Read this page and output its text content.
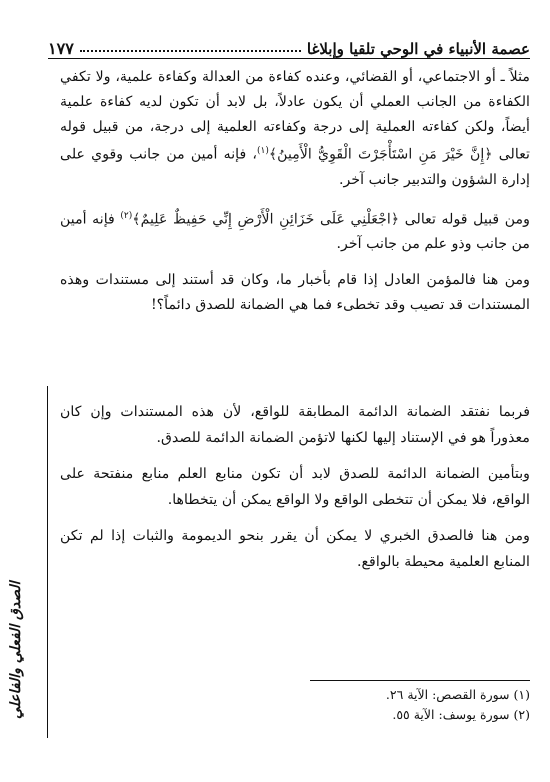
عصمة الأنبياء في الوحي تلقيا وإبلاغا
١٧٧

مثلاً ـ أو الاجتماعي، أو القضائي، وعنده كفاءة من العدالة وكفاءة علمية، ولا تكفي الكفاءة من الجانب العملي أن يكون عادلاً، بل لابد أن تكون لديه كفاءة علمية أيضاً، ولكن كفاءته العملية إلى درجة وكفاءته العلمية إلى درجة، من قبيل قوله تعالى ﴿إِنَّ خَيْرَ مَنِ اسْتَأْجَرْتَ الْقَوِيُّ الْأَمِينُ﴾$^{(١)}$، فإنه أمين من جانب وقوي على إدارة الشؤون والتدبير جانب آخر.

ومن قبيل قوله تعالى ﴿اجْعَلْنِي عَلَى خَزَائِنِ الْأَرْضِ إِنِّي حَفِيظٌ عَلِيمٌ﴾$^{(٢)}$ فإنه أمين من جانب وذو علم من جانب آخر.

ومن هنا فالمؤمن العادل إذا قام بأخبار ما، وكان قد أستند إلى مستندات وهذه المستندات قد تصيب وقد تخطىء فما هي الضمانة للصدق دائماً؟!

الصدق الفعلي والفاعلي

فربما نفتقد الضمانة الدائمة المطابقة للواقع، لأن هذه المستندات وإن كان معذوراً هو في الإستناد إليها لكنها لاتؤمن الضمانة الدائمة للصدق.

وبتأمين الضمانة الدائمة للصدق لابد أن تكون منابع العلم منابع منفتحة على الواقع، فلا يمكن أن تتخطى الواقع ولا الواقع يمكن أن يتخطاها.

ومن هنا فالصدق الخبري لا يمكن أن يقرر بنحو الديمومة والثبات إذا لم تكن المنابع العلمية محيطة بالواقع.

(١) سورة القصص: الآية ٢٦.
(٢) سورة يوسف: الآية ٥٥.
